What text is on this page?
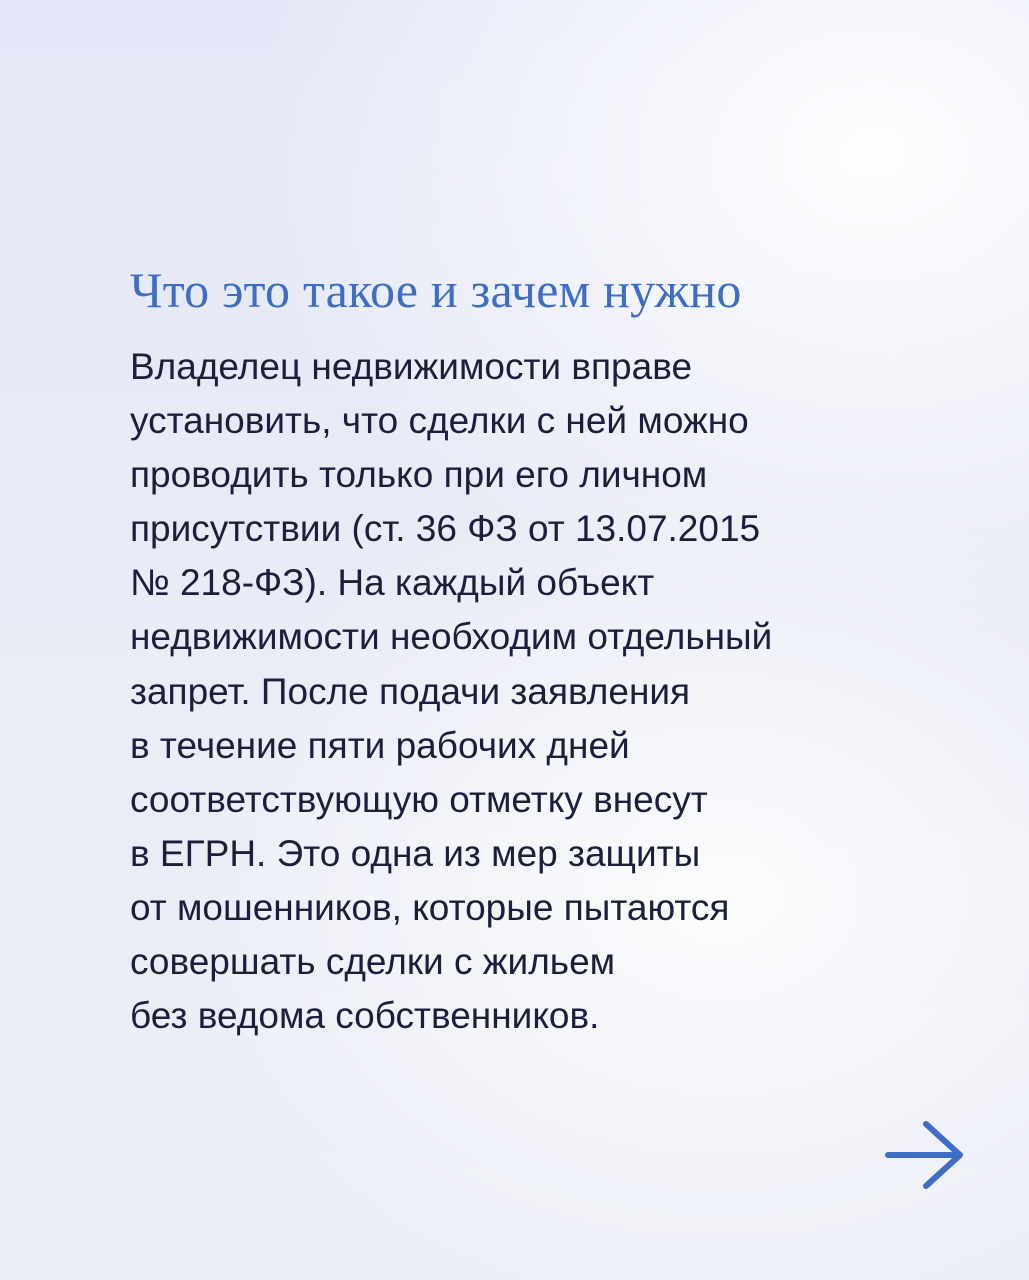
Что это такое и зачем нужно
Владелец недвижимости вправе
установить, что сделки с ней можно
проводить только при его личном
присутствии (ст. 36 ФЗ от 13.07.2015
№ 218-ФЗ). На каждый объект
недвижимости необходим отдельный
запрет. После подачи заявления
в течение пяти рабочих дней
соответствующую отметку внесут
в ЕГРН. Это одна из мер защиты
от мошенников, которые пытаются
совершать сделки с жильем
без ведома собственников.
